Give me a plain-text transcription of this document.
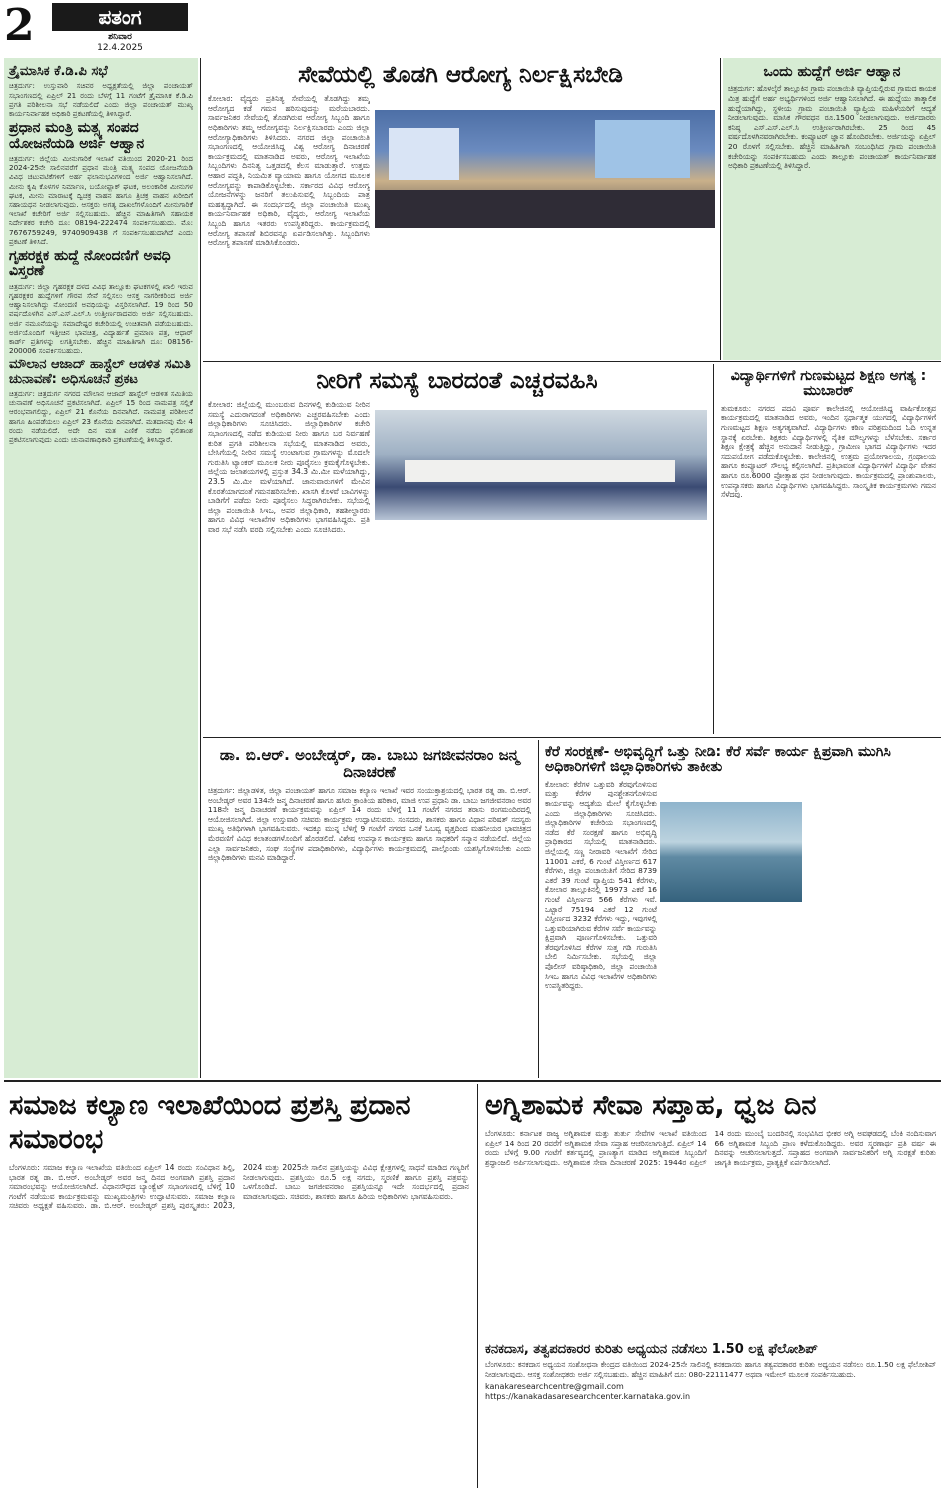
2	ಪತಂಗ
ಶನಿವಾರ
12.4.2025
ತ್ರೈಮಾಸಿಕ ಕೆ.ಡಿ.ಪಿ ಸಭೆ
ಚಿತ್ರದುರ್ಗ: ಉಸ್ತುವಾರಿ ಸಚಿವರ ಅಧ್ಯಕ್ಷತೆಯಲ್ಲಿ ಜಿಲ್ಲಾ ಪಂಚಾಯತ್ ಸಭಾಂಗಣದಲ್ಲಿ ಏಪ್ರಿಲ್ 21 ರಂದು ಬೆಳಗ್ಗೆ 11 ಗಂಟೆಗೆ ತ್ರೈಮಾಸಿಕ ಕೆ.ಡಿ.ಪಿ ಪ್ರಗತಿ ಪರಿಶೀಲನಾ ಸಭೆ ನಡೆಯಲಿದೆ ಎಂದು ಜಿಲ್ಲಾ ಪಂಚಾಯತ್ ಮುಖ್ಯ ಕಾರ್ಯನಿರ್ವಾಹಕ ಅಧಿಕಾರಿ ಪ್ರಕಟಣೆಯಲ್ಲಿ ತಿಳಿಸಿದ್ದಾರೆ.
ಪ್ರಧಾನ ಮಂತ್ರಿ ಮತ್ಸ್ಯ ಸಂಪದ ಯೋಜನೆಯಡಿ ಅರ್ಜಿ ಆಹ್ವಾನ
ಚಿತ್ರದುರ್ಗ: ಜಿಲ್ಲೆಯ ಮೀನುಗಾರಿಕೆ ಇಲಾಖೆ ವತಿಯಿಂದ 2020-21 ರಿಂದ 2024-25ನೇ ಸಾಲಿನವರೆಗೆ ಪ್ರಧಾನ ಮಂತ್ರಿ ಮತ್ಸ್ಯ ಸಂಪದ ಯೋಜನೆಯಡಿ ವಿವಿಧ ಚಟುವಟಿಕೆಗಳಿಗೆ ಅರ್ಹ ಫಲಾನುಭವಿಗಳಿಂದ ಅರ್ಜಿ ಆಹ್ವಾನಿಸಲಾಗಿದೆ. ಮೀನು ಕೃಷಿ ಕೊಳಗಳ ನಿರ್ಮಾಣ, ಬಯೋಫ್ಲಾಕ್ ಘಟಕ, ಅಲಂಕಾರಿಕ ಮೀನುಗಳ ಘಟಕ, ಮೀನು ಮಾರಾಟಕ್ಕೆ ದ್ವಿಚಕ್ರ ವಾಹನ ಹಾಗೂ ತ್ರಿಚಕ್ರ ವಾಹನ ಖರೀದಿಗೆ ಸಹಾಯಧನ ನೀಡಲಾಗುವುದು. ಆಸಕ್ತರು ಅಗತ್ಯ ದಾಖಲೆಗಳೊಂದಿಗೆ ಮೀನುಗಾರಿಕೆ ಇಲಾಖೆ ಕಚೇರಿಗೆ ಅರ್ಜಿ ಸಲ್ಲಿಸಬಹುದು. ಹೆಚ್ಚಿನ ಮಾಹಿತಿಗಾಗಿ ಸಹಾಯಕ ನಿರ್ದೇಶಕರ ಕಚೇರಿ ದೂ: 08194-222474 ಸಂಪರ್ಕಿಸಬಹುದು. ಮೊ: 7676759249, 9740909438 ಗೆ ಸಂಪರ್ಕಿಸಬಹುದಾಗಿದೆ ಎಂದು ಪ್ರಕಟಣೆ ತಿಳಿಸಿದೆ.
ಗೃಹರಕ್ಷಕ ಹುದ್ದೆ ನೋಂದಣಿಗೆ ಅವಧಿ ವಿಸ್ತರಣೆ
ಚಿತ್ರದುರ್ಗ: ಜಿಲ್ಲಾ ಗೃಹರಕ್ಷಕ ದಳದ ವಿವಿಧ ತಾಲ್ಲೂಕು ಘಟಕಗಳಲ್ಲಿ ಖಾಲಿ ಇರುವ ಗೃಹರಕ್ಷಕರ ಹುದ್ದೆಗಳಿಗೆ ಗೌರವ ಸೇವೆ ಸಲ್ಲಿಸಲು ಆಸಕ್ತ ನಾಗರೀಕರಿಂದ ಅರ್ಜಿ ಆಹ್ವಾನಿಸಲಾಗಿದ್ದು ನೋಂದಣಿ ಅವಧಿಯನ್ನು ವಿಸ್ತರಿಸಲಾಗಿದೆ. 19 ರಿಂದ 50 ವರ್ಷದೊಳಗಿನ ಎಸ್.ಎಸ್.ಎಲ್.ಸಿ ಉತ್ತೀರ್ಣರಾದವರು ಅರ್ಜಿ ಸಲ್ಲಿಸಬಹುದು. ಅರ್ಜಿ ನಮೂನೆಯನ್ನು ಸಮಾದೇಷ್ಟರ ಕಚೇರಿಯಲ್ಲಿ ಉಚಿತವಾಗಿ ಪಡೆಯಬಹುದು. ಅರ್ಜಿಯೊಂದಿಗೆ ಇತ್ತೀಚಿನ ಭಾವಚಿತ್ರ, ವಿದ್ಯಾರ್ಹತೆ ಪ್ರಮಾಣ ಪತ್ರ, ಆಧಾರ್ ಕಾರ್ಡ್ ಪ್ರತಿಗಳನ್ನು ಲಗತ್ತಿಸಬೇಕು. ಹೆಚ್ಚಿನ ಮಾಹಿತಿಗಾಗಿ ದೂ: 08156-200006 ಸಂಪರ್ಕಿಸಬಹುದು.
ಮೌಲಾನ ಆಜಾದ್ ಹಾಸ್ಟೆಲ್ ಆಡಳಿತ ಸಮಿತಿ ಚುನಾವಣೆ: ಅಧಿಸೂಚನೆ ಪ್ರಕಟ
ಚಿತ್ರದುರ್ಗ: ಚಿತ್ರದುರ್ಗ ನಗರದ ಮೌಲಾನ ಆಜಾದ್ ಹಾಸ್ಟೆಲ್ ಆಡಳಿತ ಸಮಿತಿಯ ಚುನಾವಣೆ ಅಧಿಸೂಚನೆ ಪ್ರಕಟಿಸಲಾಗಿದೆ. ಏಪ್ರಿಲ್ 15 ರಿಂದ ನಾಮಪತ್ರ ಸಲ್ಲಿಕೆ ಆರಂಭವಾಗಲಿದ್ದು, ಏಪ್ರಿಲ್ 21 ಕೊನೆಯ ದಿನವಾಗಿದೆ. ನಾಮಪತ್ರ ಪರಿಶೀಲನೆ ಹಾಗೂ ಹಿಂಪಡೆಯಲು ಏಪ್ರಿಲ್ 23 ಕೊನೆಯ ದಿನವಾಗಿದೆ. ಮತದಾನವು ಮೇ 4 ರಂದು ನಡೆಯಲಿದೆ. ಅದೇ ದಿನ ಮತ ಎಣಿಕೆ ನಡೆದು ಫಲಿತಾಂಶ ಪ್ರಕಟಿಸಲಾಗುವುದು ಎಂದು ಚುನಾವಣಾಧಿಕಾರಿ ಪ್ರಕಟಣೆಯಲ್ಲಿ ತಿಳಿಸಿದ್ದಾರೆ.
ಸೇವೆಯಲ್ಲಿ ತೊಡಗಿ ಆರೋಗ್ಯ ನಿರ್ಲಕ್ಷಿಸಬೇಡಿ
ಕೋಲಾರ: ವೈದ್ಯರು ಪ್ರತಿನಿತ್ಯ ಸೇವೆಯಲ್ಲಿ ತೊಡಗಿದ್ದು ತಮ್ಮ ಆರೋಗ್ಯದ ಕಡೆ ಗಮನ ಹರಿಸುವುದನ್ನು ಮರೆಯಬಾರದು. ಸಾರ್ವಜನಿಕರ ಸೇವೆಯಲ್ಲಿ ತೊಡಗಿರುವ ಆರೋಗ್ಯ ಸಿಬ್ಬಂದಿ ಹಾಗೂ ಅಧಿಕಾರಿಗಳು ತಮ್ಮ ಆರೋಗ್ಯವನ್ನು ನಿರ್ಲಕ್ಷಿಸಬಾರದು ಎಂದು ಜಿಲ್ಲಾ ಆರೋಗ್ಯಾಧಿಕಾರಿಗಳು ತಿಳಿಸಿದರು. ನಗರದ ಜಿಲ್ಲಾ ಪಂಚಾಯಿತಿ ಸಭಾಂಗಣದಲ್ಲಿ ಆಯೋಜಿಸಿದ್ದ ವಿಶ್ವ ಆರೋಗ್ಯ ದಿನಾಚರಣೆ ಕಾರ್ಯಕ್ರಮದಲ್ಲಿ ಮಾತನಾಡಿದ ಅವರು, ಆರೋಗ್ಯ ಇಲಾಖೆಯ ಸಿಬ್ಬಂದಿಗಳು ದಿನನಿತ್ಯ ಒತ್ತಡದಲ್ಲಿ ಕೆಲಸ ಮಾಡುತ್ತಾರೆ. ಉತ್ತಮ ಆಹಾರ ಪದ್ಧತಿ, ನಿಯಮಿತ ವ್ಯಾಯಾಮ ಹಾಗೂ ಯೋಗದ ಮೂಲಕ ಆರೋಗ್ಯವನ್ನು ಕಾಪಾಡಿಕೊಳ್ಳಬೇಕು. ಸರ್ಕಾರದ ವಿವಿಧ ಆರೋಗ್ಯ ಯೋಜನೆಗಳನ್ನು ಜನರಿಗೆ ತಲುಪಿಸುವಲ್ಲಿ ಸಿಬ್ಬಂದಿಯ ಪಾತ್ರ ಮಹತ್ವದ್ದಾಗಿದೆ. ಈ ಸಂದರ್ಭದಲ್ಲಿ ಜಿಲ್ಲಾ ಪಂಚಾಯಿತಿ ಮುಖ್ಯ ಕಾರ್ಯನಿರ್ವಾಹಕ ಅಧಿಕಾರಿ, ವೈದ್ಯರು, ಆರೋಗ್ಯ ಇಲಾಖೆಯ ಸಿಬ್ಬಂದಿ ಹಾಗೂ ಇತರರು ಉಪಸ್ಥಿತರಿದ್ದರು. ಕಾರ್ಯಕ್ರಮದಲ್ಲಿ ಆರೋಗ್ಯ ತಪಾಸಣೆ ಶಿಬಿರವನ್ನೂ ಏರ್ಪಡಿಸಲಾಗಿತ್ತು. ಸಿಬ್ಬಂದಿಗಳು ಆರೋಗ್ಯ ತಪಾಸಣೆ ಮಾಡಿಸಿಕೊಂಡರು.
ಒಂದು ಹುದ್ದೆಗೆ ಅರ್ಜಿ ಆಹ್ವಾನ
ಚಿತ್ರದುರ್ಗ: ಹೊಳಲ್ಕೆರೆ ತಾಲ್ಲೂಕಿನ ಗ್ರಾಮ ಪಂಚಾಯಿತಿ ವ್ಯಾಪ್ತಿಯಲ್ಲಿರುವ ಗ್ರಾಮದ ಕಾಯಕ ಮಿತ್ರ ಹುದ್ದೆಗೆ ಅರ್ಹ ಅಭ್ಯರ್ಥಿಗಳಿಂದ ಅರ್ಜಿ ಆಹ್ವಾನಿಸಲಾಗಿದೆ. ಈ ಹುದ್ದೆಯು ತಾತ್ಕಾಲಿಕ ಹುದ್ದೆಯಾಗಿದ್ದು, ಸ್ಥಳೀಯ ಗ್ರಾಮ ಪಂಚಾಯಿತಿ ವ್ಯಾಪ್ತಿಯ ಮಹಿಳೆಯರಿಗೆ ಆದ್ಯತೆ ನೀಡಲಾಗುವುದು. ಮಾಸಿಕ ಗೌರವಧನ ರೂ.1500 ನೀಡಲಾಗುವುದು. ಅರ್ಜಿದಾರರು ಕನಿಷ್ಠ ಎಸ್.ಎಸ್.ಎಲ್.ಸಿ ಉತ್ತೀರ್ಣರಾಗಿರಬೇಕು. 25 ರಿಂದ 45 ವರ್ಷದೊಳಗಿನವರಾಗಿರಬೇಕು. ಕಂಪ್ಯೂಟರ್ ಜ್ಞಾನ ಹೊಂದಿರಬೇಕು. ಅರ್ಜಿಯನ್ನು ಏಪ್ರಿಲ್ 20 ರೊಳಗೆ ಸಲ್ಲಿಸಬೇಕು. ಹೆಚ್ಚಿನ ಮಾಹಿತಿಗಾಗಿ ಸಂಬಂಧಿಸಿದ ಗ್ರಾಮ ಪಂಚಾಯಿತಿ ಕಚೇರಿಯನ್ನು ಸಂಪರ್ಕಿಸಬಹುದು ಎಂದು ತಾಲ್ಲೂಕು ಪಂಚಾಯತ್ ಕಾರ್ಯನಿರ್ವಾಹಕ ಅಧಿಕಾರಿ ಪ್ರಕಟಣೆಯಲ್ಲಿ ತಿಳಿಸಿದ್ದಾರೆ.
ನೀರಿಗೆ ಸಮಸ್ಯೆ ಬಾರದಂತೆ ಎಚ್ಚರವಹಿಸಿ
ಕೋಲಾರ: ಜಿಲ್ಲೆಯಲ್ಲಿ ಮುಂಬರುವ ದಿನಗಳಲ್ಲಿ ಕುಡಿಯುವ ನೀರಿನ ಸಮಸ್ಯೆ ಎದುರಾಗದಂತೆ ಅಧಿಕಾರಿಗಳು ಎಚ್ಚರವಹಿಸಬೇಕು ಎಂದು ಜಿಲ್ಲಾಧಿಕಾರಿಗಳು ಸೂಚಿಸಿದರು. ಜಿಲ್ಲಾಧಿಕಾರಿಗಳ ಕಚೇರಿ ಸಭಾಂಗಣದಲ್ಲಿ ನಡೆದ ಕುಡಿಯುವ ನೀರು ಹಾಗೂ ಬರ ನಿರ್ವಹಣೆ ಕುರಿತ ಪ್ರಗತಿ ಪರಿಶೀಲನಾ ಸಭೆಯಲ್ಲಿ ಮಾತನಾಡಿದ ಅವರು, ಬೇಸಿಗೆಯಲ್ಲಿ ನೀರಿನ ಸಮಸ್ಯೆ ಉಂಟಾಗುವ ಗ್ರಾಮಗಳನ್ನು ಮೊದಲೇ ಗುರುತಿಸಿ ಟ್ಯಾಂಕರ್ ಮೂಲಕ ನೀರು ಪೂರೈಸಲು ಕ್ರಮಕೈಗೊಳ್ಳಬೇಕು. ಜಿಲ್ಲೆಯ ಜಲಾಶಯಗಳಲ್ಲಿ ಪ್ರಸ್ತುತ 34.3 ಮಿ.ಮೀ ಮಳೆಯಾಗಿದ್ದು, 23.5 ಮಿ.ಮೀ ಮಳೆಯಾಗಿದೆ. ಜಾನುವಾರುಗಳಿಗೆ ಮೇವಿನ ಕೊರತೆಯಾಗದಂತೆ ಗಮನಹರಿಸಬೇಕು. ಖಾಸಗಿ ಕೊಳವೆ ಬಾವಿಗಳನ್ನು ಬಾಡಿಗೆಗೆ ಪಡೆದು ನೀರು ಪೂರೈಸಲು ಸಿದ್ಧರಾಗಿರಬೇಕು. ಸಭೆಯಲ್ಲಿ ಜಿಲ್ಲಾ ಪಂಚಾಯಿತಿ ಸಿಇಒ, ಅಪರ ಜಿಲ್ಲಾಧಿಕಾರಿ, ತಹಶೀಲ್ದಾರರು ಹಾಗೂ ವಿವಿಧ ಇಲಾಖೆಗಳ ಅಧಿಕಾರಿಗಳು ಭಾಗವಹಿಸಿದ್ದರು. ಪ್ರತಿ ವಾರ ಸಭೆ ನಡೆಸಿ ವರದಿ ಸಲ್ಲಿಸಬೇಕು ಎಂದು ಸೂಚಿಸಿದರು.
ವಿದ್ಯಾರ್ಥಿಗಳಿಗೆ ಗುಣಮಟ್ಟದ ಶಿಕ್ಷಣ ಅಗತ್ಯ : ಮುಬಾರಕ್
ತುಮಕೂರು: ನಗರದ ಪದವಿ ಪೂರ್ವ ಕಾಲೇಜಿನಲ್ಲಿ ಆಯೋಜಿಸಿದ್ದ ವಾರ್ಷಿಕೋತ್ಸವ ಕಾರ್ಯಕ್ರಮದಲ್ಲಿ ಮಾತನಾಡಿದ ಅವರು, ಇಂದಿನ ಸ್ಪರ್ಧಾತ್ಮಕ ಯುಗದಲ್ಲಿ ವಿದ್ಯಾರ್ಥಿಗಳಿಗೆ ಗುಣಮಟ್ಟದ ಶಿಕ್ಷಣ ಅತ್ಯಗತ್ಯವಾಗಿದೆ. ವಿದ್ಯಾರ್ಥಿಗಳು ಕಠಿಣ ಪರಿಶ್ರಮದಿಂದ ಓದಿ ಉನ್ನತ ಸ್ಥಾನಕ್ಕೆ ಏರಬೇಕು. ಶಿಕ್ಷಕರು ವಿದ್ಯಾರ್ಥಿಗಳಲ್ಲಿ ನೈತಿಕ ಮೌಲ್ಯಗಳನ್ನು ಬೆಳೆಸಬೇಕು. ಸರ್ಕಾರ ಶಿಕ್ಷಣ ಕ್ಷೇತ್ರಕ್ಕೆ ಹೆಚ್ಚಿನ ಅನುದಾನ ನೀಡುತ್ತಿದ್ದು, ಗ್ರಾಮೀಣ ಭಾಗದ ವಿದ್ಯಾರ್ಥಿಗಳು ಇದರ ಸದುಪಯೋಗ ಪಡೆದುಕೊಳ್ಳಬೇಕು. ಕಾಲೇಜಿನಲ್ಲಿ ಉತ್ತಮ ಪ್ರಯೋಗಾಲಯ, ಗ್ರಂಥಾಲಯ ಹಾಗೂ ಕಂಪ್ಯೂಟರ್ ಸೌಲಭ್ಯ ಕಲ್ಪಿಸಲಾಗಿದೆ. ಪ್ರತಿಭಾವಂತ ವಿದ್ಯಾರ್ಥಿಗಳಿಗೆ ವಿದ್ಯಾರ್ಥಿ ವೇತನ ಹಾಗೂ ರೂ.6000 ಪ್ರೋತ್ಸಾಹ ಧನ ನೀಡಲಾಗುವುದು. ಕಾರ್ಯಕ್ರಮದಲ್ಲಿ ಪ್ರಾಂಶುಪಾಲರು, ಉಪನ್ಯಾಸಕರು ಹಾಗೂ ವಿದ್ಯಾರ್ಥಿಗಳು ಭಾಗವಹಿಸಿದ್ದರು. ಸಾಂಸ್ಕೃತಿಕ ಕಾರ್ಯಕ್ರಮಗಳು ಗಮನ ಸೆಳೆದವು.
ಡಾ. ಬಿ.ಆರ್. ಅಂಬೇಡ್ಕರ್, ಡಾ. ಬಾಬು ಜಗಜೀವನರಾಂ ಜನ್ಮ ದಿನಾಚರಣೆ
ಚಿತ್ರದುರ್ಗ: ಜಿಲ್ಲಾಡಳಿತ, ಜಿಲ್ಲಾ ಪಂಚಾಯತ್ ಹಾಗೂ ಸಮಾಜ ಕಲ್ಯಾಣ ಇಲಾಖೆ ಇವರ ಸಂಯುಕ್ತಾಶ್ರಯದಲ್ಲಿ ಭಾರತ ರತ್ನ ಡಾ. ಬಿ.ಆರ್. ಅಂಬೇಡ್ಕರ್ ಅವರ 134ನೇ ಜನ್ಮ ದಿನಾಚರಣೆ ಹಾಗೂ ಹಸಿರು ಕ್ರಾಂತಿಯ ಹರಿಕಾರ, ಮಾಜಿ ಉಪ ಪ್ರಧಾನಿ ಡಾ. ಬಾಬು ಜಗಜೀವನರಾಂ ಅವರ 118ನೇ ಜನ್ಮ ದಿನಾಚರಣೆ ಕಾರ್ಯಕ್ರಮವನ್ನು ಏಪ್ರಿಲ್ 14 ರಂದು ಬೆಳಿಗ್ಗೆ 11 ಗಂಟೆಗೆ ನಗರದ ತರಾಸು ರಂಗಮಂದಿರದಲ್ಲಿ ಆಯೋಜಿಸಲಾಗಿದೆ. ಜಿಲ್ಲಾ ಉಸ್ತುವಾರಿ ಸಚಿವರು ಕಾರ್ಯಕ್ರಮ ಉದ್ಘಾಟಿಸುವರು. ಸಂಸದರು, ಶಾಸಕರು ಹಾಗೂ ವಿಧಾನ ಪರಿಷತ್ ಸದಸ್ಯರು ಮುಖ್ಯ ಅತಿಥಿಗಳಾಗಿ ಭಾಗವಹಿಸುವರು. ಇದಕ್ಕೂ ಮುನ್ನ ಬೆಳಿಗ್ಗೆ 9 ಗಂಟೆಗೆ ನಗರದ ಒನಕೆ ಓಬವ್ವ ವೃತ್ತದಿಂದ ಮಹನೀಯರ ಭಾವಚಿತ್ರದ ಮೆರವಣಿಗೆ ವಿವಿಧ ಕಲಾತಂಡಗಳೊಂದಿಗೆ ಹೊರಡಲಿದೆ. ವಿಶೇಷ ಉಪನ್ಯಾಸ ಕಾರ್ಯಕ್ರಮ ಹಾಗೂ ಸಾಧಕರಿಗೆ ಸನ್ಮಾನ ನಡೆಯಲಿದೆ. ಜಿಲ್ಲೆಯ ಎಲ್ಲಾ ಸಾರ್ವಜನಿಕರು, ಸಂಘ ಸಂಸ್ಥೆಗಳ ಪದಾಧಿಕಾರಿಗಳು, ವಿದ್ಯಾರ್ಥಿಗಳು ಕಾರ್ಯಕ್ರಮದಲ್ಲಿ ಪಾಲ್ಗೊಂಡು ಯಶಸ್ವಿಗೊಳಿಸಬೇಕು ಎಂದು ಜಿಲ್ಲಾಧಿಕಾರಿಗಳು ಮನವಿ ಮಾಡಿದ್ದಾರೆ.
ಕೆರೆ ಸಂರಕ್ಷಣೆ- ಅಭಿವೃದ್ಧಿಗೆ ಒತ್ತು ನೀಡಿ: ಕೆರೆ ಸರ್ವೆ ಕಾರ್ಯ ಕ್ಷಿಪ್ರವಾಗಿ ಮುಗಿಸಿ ಅಧಿಕಾರಿಗಳಿಗೆ ಜಿಲ್ಲಾಧಿಕಾರಿಗಳು ತಾಕೀತು
ಕೋಲಾರ: ಕೆರೆಗಳ ಒತ್ತುವರಿ ತೆರವುಗೊಳಿಸುವ ಮತ್ತು ಕೆರೆಗಳ ಪುನಶ್ಚೇತನಗೊಳಿಸುವ ಕಾರ್ಯವನ್ನು ಆದ್ಯತೆಯ ಮೇಲೆ ಕೈಗೊಳ್ಳಬೇಕು ಎಂದು ಜಿಲ್ಲಾಧಿಕಾರಿಗಳು ಸೂಚಿಸಿದರು. ಜಿಲ್ಲಾಧಿಕಾರಿಗಳ ಕಚೇರಿಯ ಸಭಾಂಗಣದಲ್ಲಿ ನಡೆದ ಕೆರೆ ಸಂರಕ್ಷಣೆ ಹಾಗೂ ಅಭಿವೃದ್ಧಿ ಪ್ರಾಧಿಕಾರದ ಸಭೆಯಲ್ಲಿ ಮಾತನಾಡಿದರು. ಜಿಲ್ಲೆಯಲ್ಲಿ ಸಣ್ಣ ನೀರಾವರಿ ಇಲಾಖೆಗೆ ಸೇರಿದ 11001 ಎಕರೆ, 6 ಗುಂಟೆ ವಿಸ್ತೀರ್ಣದ 617 ಕೆರೆಗಳು, ಜಿಲ್ಲಾ ಪಂಚಾಯಿತಿಗೆ ಸೇರಿದ 8739 ಎಕರೆ 39 ಗುಂಟೆ ವ್ಯಾಪ್ತಿಯ 541 ಕೆರೆಗಳು, ಕೋಲಾರ ತಾಲ್ಲೂಕಿನಲ್ಲಿ 19973 ಎಕರೆ 16 ಗುಂಟೆ ವಿಸ್ತೀರ್ಣದ 566 ಕೆರೆಗಳು ಇವೆ. ಒಟ್ಟಾರೆ 75194 ಎಕರೆ 12 ಗುಂಟೆ ವಿಸ್ತೀರ್ಣದ 3232 ಕೆರೆಗಳು ಇದ್ದು, ಇವುಗಳಲ್ಲಿ ಒತ್ತುವರಿಯಾಗಿರುವ ಕೆರೆಗಳ ಸರ್ವೆ ಕಾರ್ಯವನ್ನು ಕ್ಷಿಪ್ರವಾಗಿ ಪೂರ್ಣಗೊಳಿಸಬೇಕು. ಒತ್ತುವರಿ ತೆರವುಗೊಳಿಸಿದ ಕೆರೆಗಳ ಸುತ್ತ ಗಡಿ ಗುರುತಿಸಿ ಬೇಲಿ ನಿರ್ಮಿಸಬೇಕು. ಸಭೆಯಲ್ಲಿ ಜಿಲ್ಲಾ ಪೊಲೀಸ್ ವರಿಷ್ಠಾಧಿಕಾರಿ, ಜಿಲ್ಲಾ ಪಂಚಾಯಿತಿ ಸಿಇಒ ಹಾಗೂ ವಿವಿಧ ಇಲಾಖೆಗಳ ಅಧಿಕಾರಿಗಳು ಉಪಸ್ಥಿತರಿದ್ದರು.
ಸಮಾಜ ಕಲ್ಯಾಣ ಇಲಾಖೆಯಿಂದ ಪ್ರಶಸ್ತಿ ಪ್ರದಾನ ಸಮಾರಂಭ
ಬೆಂಗಳೂರು: ಸಮಾಜ ಕಲ್ಯಾಣ ಇಲಾಖೆಯ ವತಿಯಿಂದ ಏಪ್ರಿಲ್ 14 ರಂದು ಸಂವಿಧಾನ ಶಿಲ್ಪಿ, ಭಾರತ ರತ್ನ ಡಾ. ಬಿ.ಆರ್. ಅಂಬೇಡ್ಕರ್ ಅವರ ಜನ್ಮ ದಿನದ ಅಂಗವಾಗಿ ಪ್ರಶಸ್ತಿ ಪ್ರದಾನ ಸಮಾರಂಭವನ್ನು ಆಯೋಜಿಸಲಾಗಿದೆ. ವಿಧಾನಸೌಧದ ಬ್ಯಾಂಕ್ವೆಟ್ ಸಭಾಂಗಣದಲ್ಲಿ ಬೆಳಿಗ್ಗೆ 10 ಗಂಟೆಗೆ ನಡೆಯುವ ಕಾರ್ಯಕ್ರಮವನ್ನು ಮುಖ್ಯಮಂತ್ರಿಗಳು ಉದ್ಘಾಟಿಸುವರು. ಸಮಾಜ ಕಲ್ಯಾಣ ಸಚಿವರು ಅಧ್ಯಕ್ಷತೆ ವಹಿಸುವರು. ಡಾ. ಬಿ.ಆರ್. ಅಂಬೇಡ್ಕರ್ ಪ್ರಶಸ್ತಿ ಪುರಸ್ಕೃತರು: 2023, 2024 ಮತ್ತು 2025ನೇ ಸಾಲಿನ ಪ್ರಶಸ್ತಿಯನ್ನು ವಿವಿಧ ಕ್ಷೇತ್ರಗಳಲ್ಲಿ ಸಾಧನೆ ಮಾಡಿದ ಗಣ್ಯರಿಗೆ ನೀಡಲಾಗುವುದು. ಪ್ರಶಸ್ತಿಯು ರೂ.5 ಲಕ್ಷ ನಗದು, ಸ್ಮರಣಿಕೆ ಹಾಗೂ ಪ್ರಶಸ್ತಿ ಪತ್ರವನ್ನು ಒಳಗೊಂಡಿದೆ. ಬಾಬು ಜಗಜೀವನರಾಂ ಪ್ರಶಸ್ತಿಯನ್ನೂ ಇದೇ ಸಂದರ್ಭದಲ್ಲಿ ಪ್ರದಾನ ಮಾಡಲಾಗುವುದು. ಸಚಿವರು, ಶಾಸಕರು ಹಾಗೂ ಹಿರಿಯ ಅಧಿಕಾರಿಗಳು ಭಾಗವಹಿಸುವರು.
ಅಗ್ನಿಶಾಮಕ ಸೇವಾ ಸಪ್ತಾಹ, ಧ್ವಜ ದಿನ
ಬೆಂಗಳೂರು: ಕರ್ನಾಟಕ ರಾಜ್ಯ ಅಗ್ನಿಶಾಮಕ ಮತ್ತು ತುರ್ತು ಸೇವೆಗಳ ಇಲಾಖೆ ವತಿಯಿಂದ ಏಪ್ರಿಲ್ 14 ರಿಂದ 20 ರವರೆಗೆ ಅಗ್ನಿಶಾಮಕ ಸೇವಾ ಸಪ್ತಾಹ ಆಚರಿಸಲಾಗುತ್ತಿದೆ. ಏಪ್ರಿಲ್ 14 ರಂದು ಬೆಳಿಗ್ಗೆ 9.00 ಗಂಟೆಗೆ ಕರ್ತವ್ಯದಲ್ಲಿ ಪ್ರಾಣತ್ಯಾಗ ಮಾಡಿದ ಅಗ್ನಿಶಾಮಕ ಸಿಬ್ಬಂದಿಗೆ ಶ್ರದ್ಧಾಂಜಲಿ ಅರ್ಪಿಸಲಾಗುವುದು. ಅಗ್ನಿಶಾಮಕ ಸೇವಾ ದಿನಾಚರಣೆ 2025: 1944ರ ಏಪ್ರಿಲ್ 14 ರಂದು ಮುಂಬೈ ಬಂದರಿನಲ್ಲಿ ಸಂಭವಿಸಿದ ಭೀಕರ ಅಗ್ನಿ ಅವಘಡದಲ್ಲಿ ಬೆಂಕಿ ನಂದಿಸುವಾಗ 66 ಅಗ್ನಿಶಾಮಕ ಸಿಬ್ಬಂದಿ ಪ್ರಾಣ ಕಳೆದುಕೊಂಡಿದ್ದರು. ಅವರ ಸ್ಮರಣಾರ್ಥ ಪ್ರತಿ ವರ್ಷ ಈ ದಿನವನ್ನು ಆಚರಿಸಲಾಗುತ್ತದೆ. ಸಪ್ತಾಹದ ಅಂಗವಾಗಿ ಸಾರ್ವಜನಿಕರಿಗೆ ಅಗ್ನಿ ಸುರಕ್ಷತೆ ಕುರಿತು ಜಾಗೃತಿ ಕಾರ್ಯಕ್ರಮ, ಪ್ರಾತ್ಯಕ್ಷಿಕೆ ಏರ್ಪಡಿಸಲಾಗಿದೆ.
ಕನಕದಾಸ, ತತ್ವಪದಕಾರರ ಕುರಿತು ಅಧ್ಯಯನ ನಡೆಸಲು 1.50 ಲಕ್ಷ ಫೆಲೋಶಿಪ್
ಬೆಂಗಳೂರು: ಕನಕದಾಸ ಅಧ್ಯಯನ ಸಂಶೋಧನಾ ಕೇಂದ್ರದ ವತಿಯಿಂದ 2024-25ನೇ ಸಾಲಿನಲ್ಲಿ ಕನಕದಾಸರು ಹಾಗೂ ತತ್ವಪದಕಾರರ ಕುರಿತು ಅಧ್ಯಯನ ನಡೆಸಲು ರೂ.1.50 ಲಕ್ಷ ಫೆಲೋಶಿಪ್ ನೀಡಲಾಗುವುದು. ಆಸಕ್ತ ಸಂಶೋಧಕರು ಅರ್ಜಿ ಸಲ್ಲಿಸಬಹುದು. ಹೆಚ್ಚಿನ ಮಾಹಿತಿಗೆ ದೂ: 080-22111477 ಅಥವಾ ಇಮೇಲ್ ಮೂಲಕ ಸಂಪರ್ಕಿಸಬಹುದು.
kanakaresearchcentre@gmail.com
https://kanakadasaresearchcenter.karnataka.gov.in
